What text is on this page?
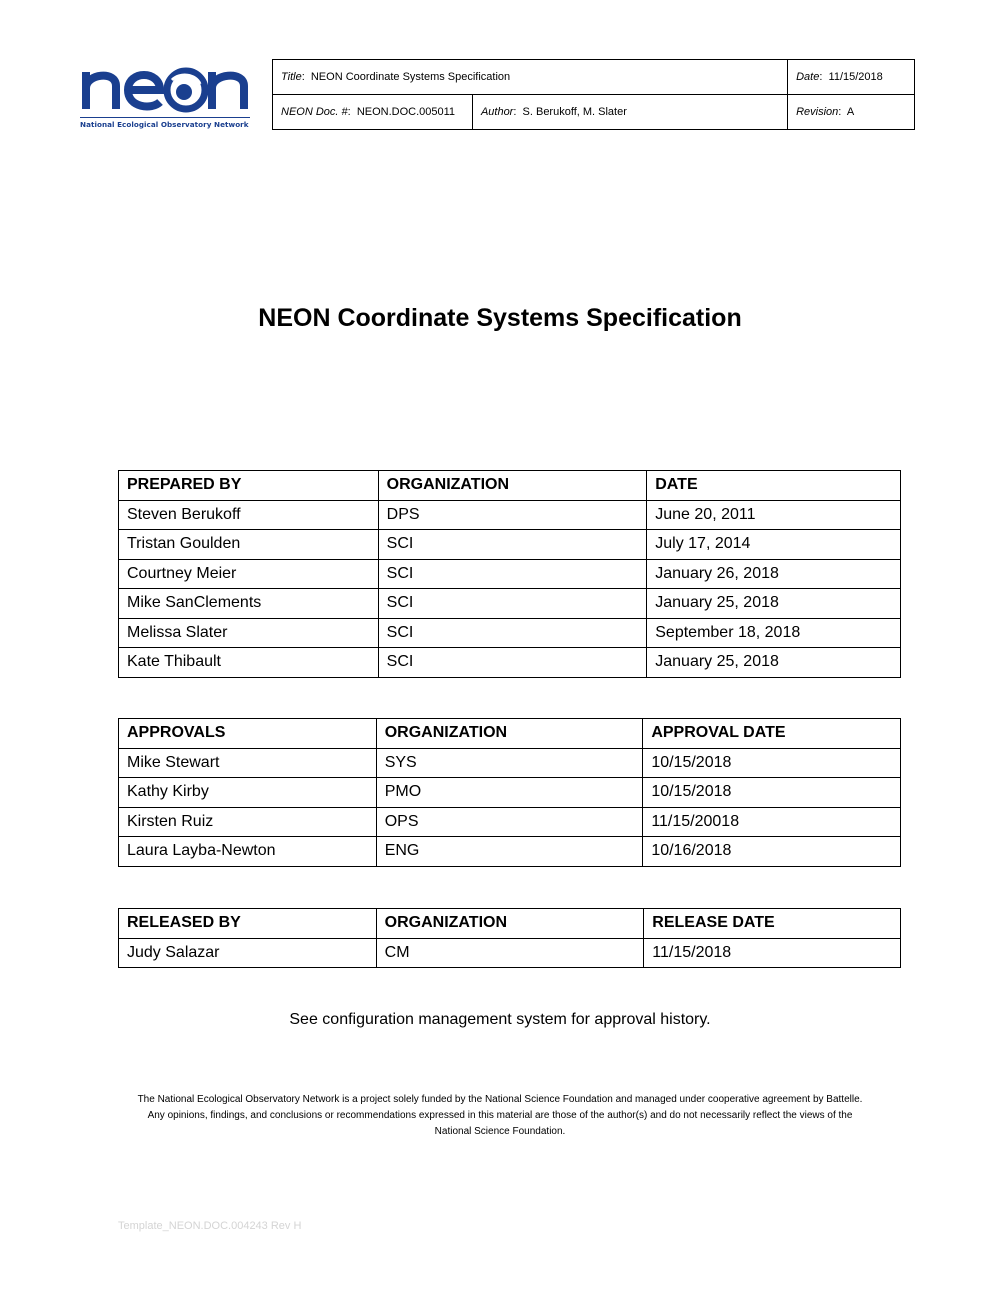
National Ecological Observatory Network
Title:  NEON Coordinate Systems Specification		Date:  11/15/2018
NEON Doc. #:  NEON.DOC.005011	Author:  S. Berukoff, M. Slater	Revision:  A
NEON Coordinate Systems Specification
PREPARED BY	ORGANIZATION	DATE
Steven Berukoff	DPS	June 20, 2011
Tristan Goulden	SCI	July 17, 2014
Courtney Meier	SCI	January 26, 2018
Mike SanClements	SCI	January 25, 2018
Melissa Slater	SCI	September 18, 2018
Kate Thibault	SCI	January 25, 2018
APPROVALS	ORGANIZATION	APPROVAL DATE
Mike Stewart	SYS	10/15/2018
Kathy Kirby	PMO	10/15/2018
Kirsten Ruiz	OPS	11/15/20018
Laura Layba-Newton	ENG	10/16/2018
RELEASED BY	ORGANIZATION	RELEASE DATE
Judy Salazar	CM	11/15/2018
See configuration management system for approval history.
The National Ecological Observatory Network is a project solely funded by the National Science Foundation and managed under cooperative agreement by Battelle.
Any opinions, findings, and conclusions or recommendations expressed in this material are those of the author(s) and do not necessarily reflect the views of the
National Science Foundation.
Template_NEON.DOC.004243 Rev H
